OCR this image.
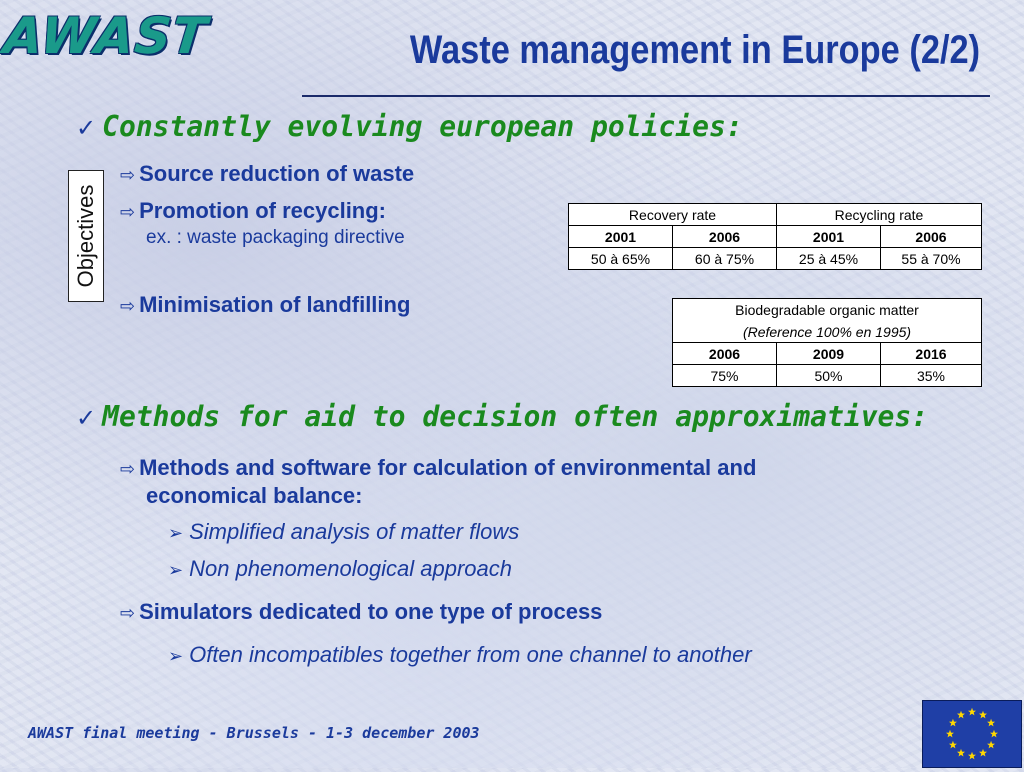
AWAST	Waste management in Europe (2/2)
✓ Constantly evolving european policies:
Objectives
⇨ Source reduction of waste
⇨ Promotion of recycling:
ex. : waste packaging directive
⇨ Minimisation of landfilling
Recovery rate		Recycling rate	
2001	2006	2001	2006
50 à 65%	60 à 75%	25 à 45%	55 à 70%
Biodegradable organic matter		
(Reference 100% en 1995)		
2006	2009	2016
75%	50%	35%
✓ Methods for aid to decision often approximatives:
⇨ Methods and software for calculation of environmental and
economical balance:
➢ Simplified analysis of matter flows
➢ Non phenomenological approach
⇨ Simulators dedicated to one type of process
➢ Often incompatibles together from one channel to another
AWAST final meeting - Brussels - 1-3 december 2003
